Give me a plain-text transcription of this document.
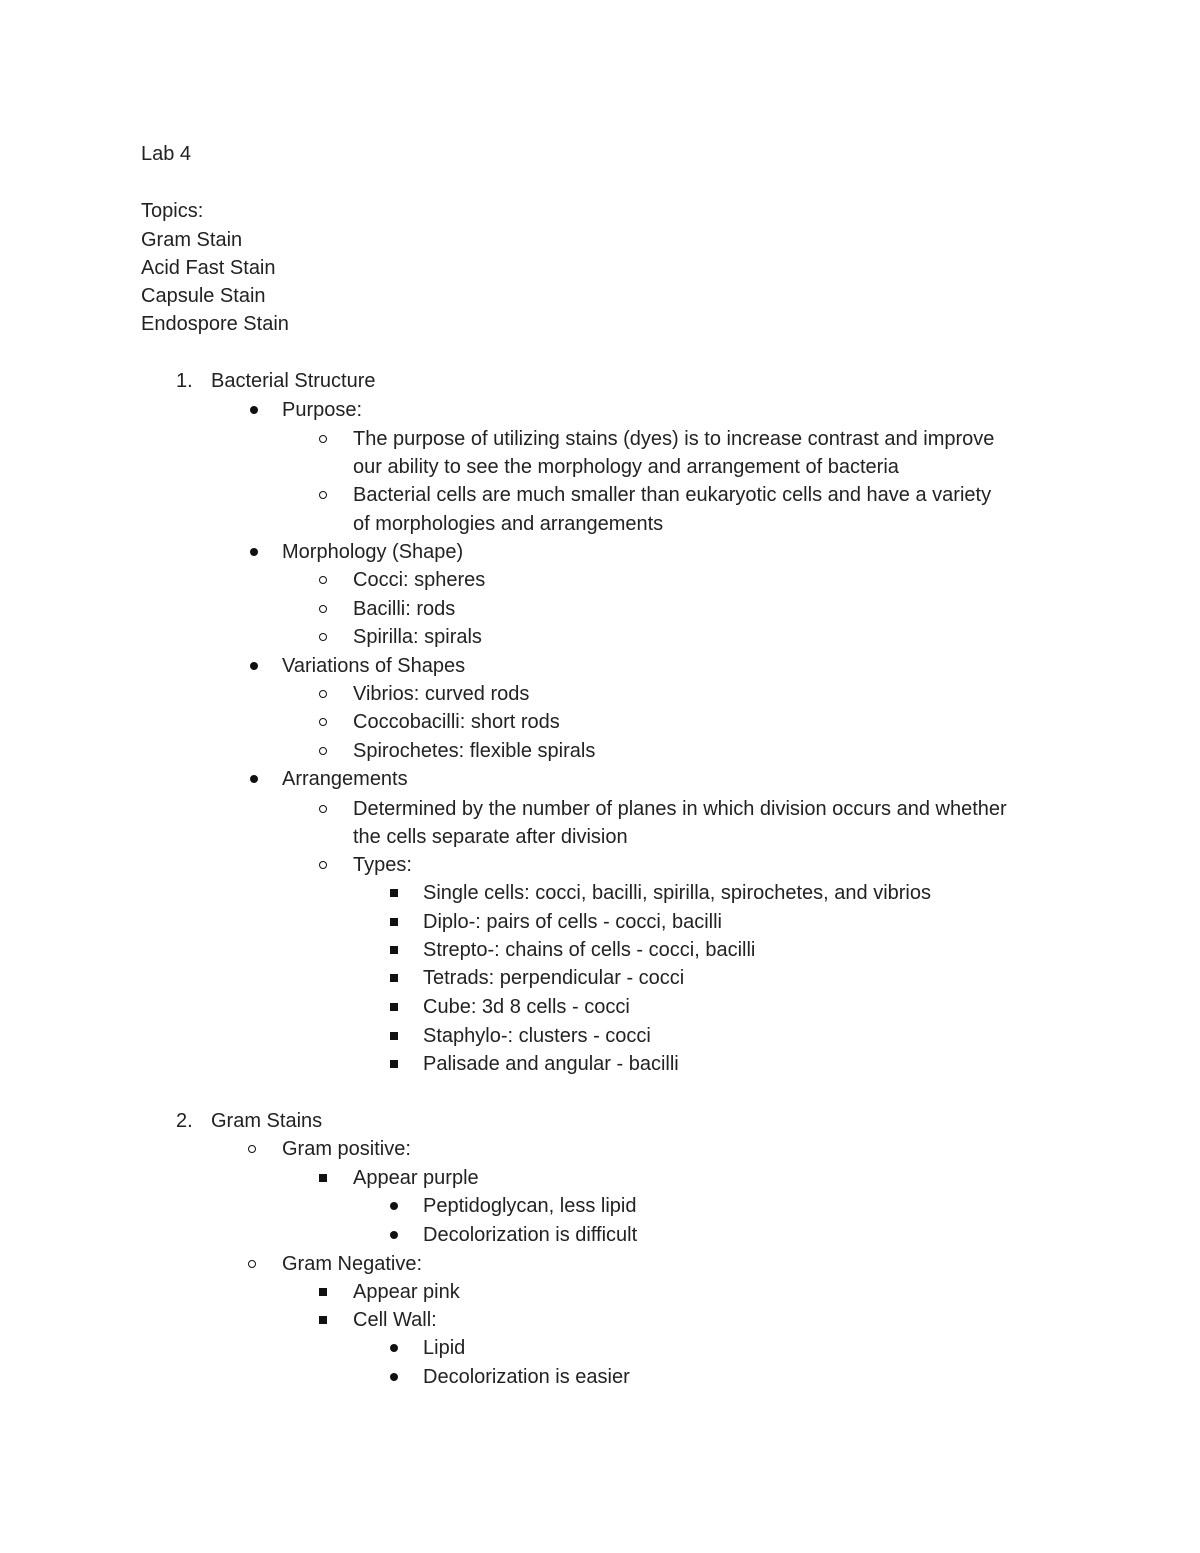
Lab 4
Topics:
Gram Stain
Acid Fast Stain
Capsule Stain
Endospore Stain
1. Bacterial Structure
Purpose:
The purpose of utilizing stains (dyes) is to increase contrast and improve
our ability to see the morphology and arrangement of bacteria
Bacterial cells are much smaller than eukaryotic cells and have a variety
of morphologies and arrangements
Morphology (Shape)
Cocci: spheres
Bacilli: rods
Spirilla: spirals
Variations of Shapes
Vibrios: curved rods
Coccobacilli: short rods
Spirochetes: flexible spirals
Arrangements
Determined by the number of planes in which division occurs and whether
the cells separate after division
Types:
Single cells: cocci, bacilli, spirilla, spirochetes, and vibrios
Diplo-: pairs of cells - cocci, bacilli
Strepto-: chains of cells - cocci, bacilli
Tetrads: perpendicular - cocci
Cube: 3d 8 cells - cocci
Staphylo-: clusters - cocci
Palisade and angular - bacilli
2. Gram Stains
Gram positive:
Appear purple
Peptidoglycan, less lipid
Decolorization is difficult
Gram Negative:
Appear pink
Cell Wall:
Lipid
Decolorization is easier
